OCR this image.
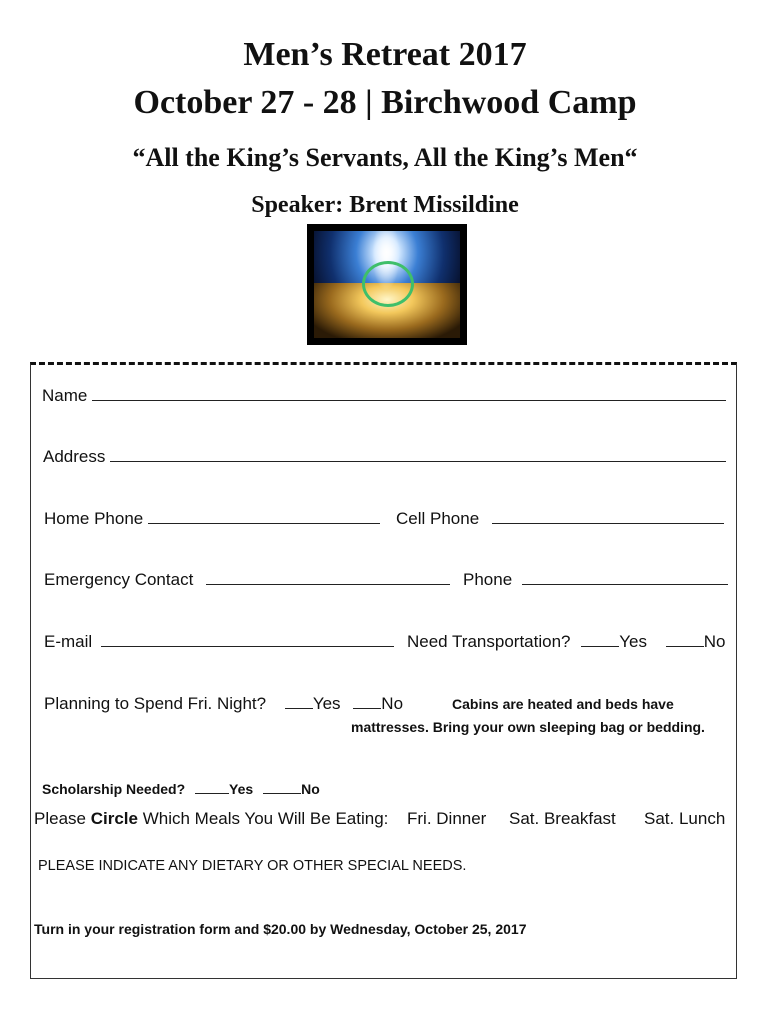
Men’s Retreat 2017
October 27 - 28 | Birchwood Camp
“All the King’s Servants, All the King’s Men“
Speaker: Brent Missildine
Name
Address
Home Phone	Cell Phone
Emergency Contact	Phone
E-mail	Need Transportation?	Yes	No
Planning to Spend Fri. Night?	Yes No	Cabins are heated and beds have
mattresses. Bring your own sleeping bag or bedding.
Scholarship Needed?	Yes	No
Please Circle Which Meals You Will Be Eating: Fri. Dinner Sat. Breakfast Sat. Lunch
PLEASE INDICATE ANY DIETARY OR OTHER SPECIAL NEEDS.
Turn in your registration form and $20.00 by Wednesday, October 25, 2017
